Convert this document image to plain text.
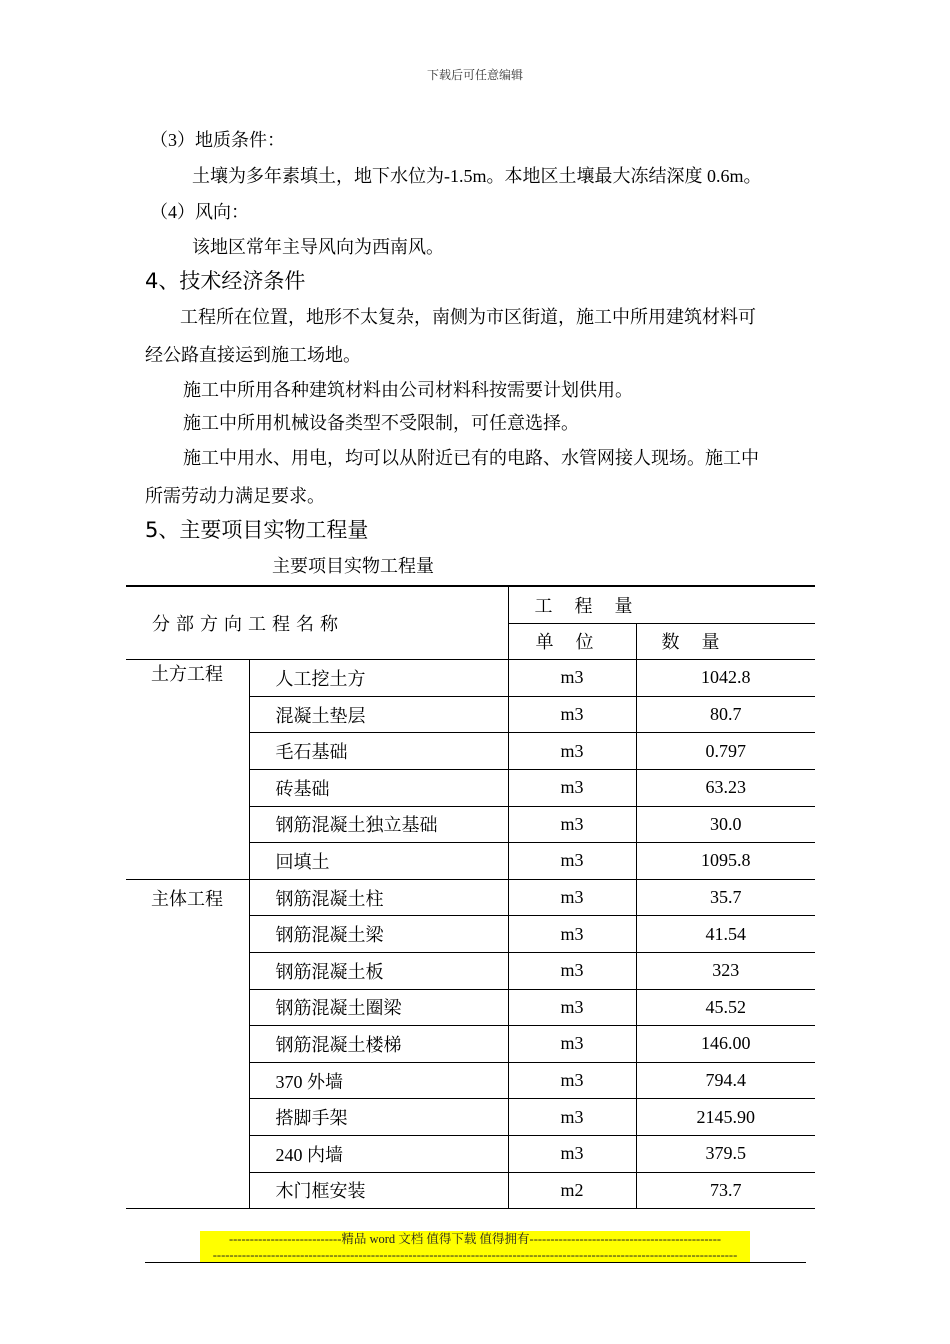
下载后可任意编辑
（3）地质条件：
土壤为多年素填土，地下水位为-1.5m。本地区土壤最大冻结深度 0.6m。
（4）风向：
该地区常年主导风向为西南风。
4、技术经济条件
工程所在位置，地形不太复杂，南侧为市区街道，施工中所用建筑材料可
经公路直接运到施工场地。
施工中所用各种建筑材料由公司材料科按需要计划供用。
施工中所用机械设备类型不受限制，可任意选择。
施工中用水、用电，均可以从附近已有的电路、水管网接人现场。施工中
所需劳动力满足要求。
5、主要项目实物工程量
主要项目实物工程量
分部方向工程名称		工程量	
		单位	数量
土方工程	人工挖土方	m3	1042.8
	混凝土垫层	m3	80.7
	毛石基础	m3	0.797
	砖基础	m3	63.23
	钢筋混凝土独立基础	m3	30.0
	回填土	m3	1095.8
主体工程	钢筋混凝土柱	m3	35.7
	钢筋混凝土梁	m3	41.54
	钢筋混凝土板	m3	323
	钢筋混凝土圈梁	m3	45.52
	钢筋混凝土楼梯	m3	146.00
	370 外墙	m3	794.4
	搭脚手架	m3	2145.90
	240 内墙	m3	379.5
	木门框安装	m2	73.7
---------------------------精品 word 文档 值得下载 值得拥有----------------------------------------------
------------------------------------------------------------------------------------------------------------------------------
